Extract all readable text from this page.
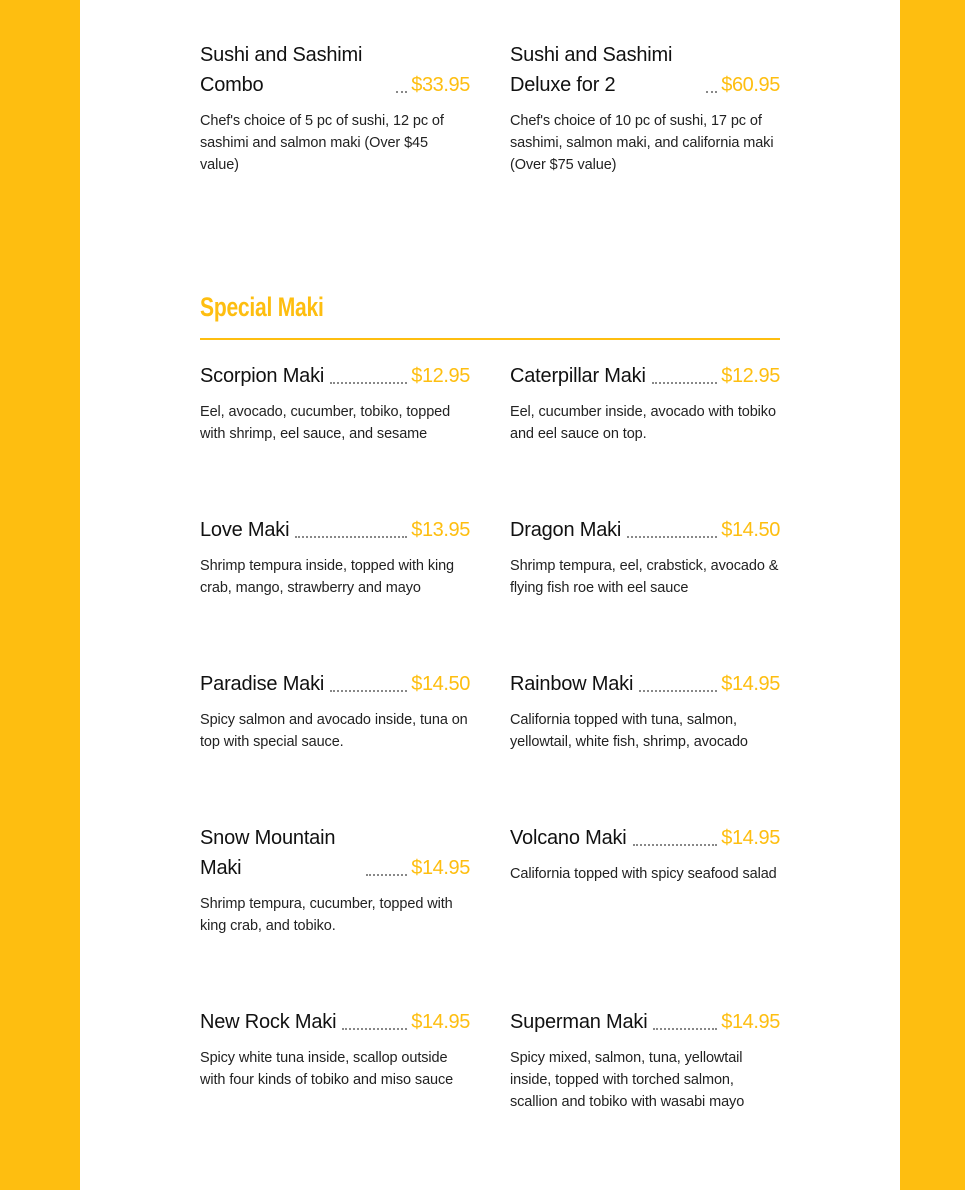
Sushi and Sashimi Combo	$33.95
Chef's choice of 5 pc of sushi, 12 pc of sashimi and salmon maki (Over $45 value)
Sushi and Sashimi Deluxe for 2	$60.95
Chef's choice of 10 pc of sushi, 17 pc of sashimi, salmon maki, and california maki (Over $75 value)
Special Maki
Scorpion Maki	$12.95
Eel, avocado, cucumber, tobiko, topped with shrimp, eel sauce, and sesame
Caterpillar Maki	$12.95
Eel, cucumber inside, avocado with tobiko and eel sauce on top.
Love Maki	$13.95
Shrimp tempura inside, topped with king crab, mango, strawberry and mayo
Dragon Maki	$14.50
Shrimp tempura, eel, crabstick, avocado & flying fish roe with eel sauce
Paradise Maki	$14.50
Spicy salmon and avocado inside, tuna on top with special sauce.
Rainbow Maki	$14.95
California topped with tuna, salmon, yellowtail, white fish, shrimp, avocado
Snow Mountain Maki	$14.95
Shrimp tempura, cucumber, topped with king crab, and tobiko.
Volcano Maki	$14.95
California topped with spicy seafood salad
New Rock Maki	$14.95
Spicy white tuna inside, scallop outside with four kinds of tobiko and miso sauce
Superman Maki	$14.95
Spicy mixed, salmon, tuna, yellowtail inside, topped with torched salmon, scallion and tobiko with wasabi mayo
